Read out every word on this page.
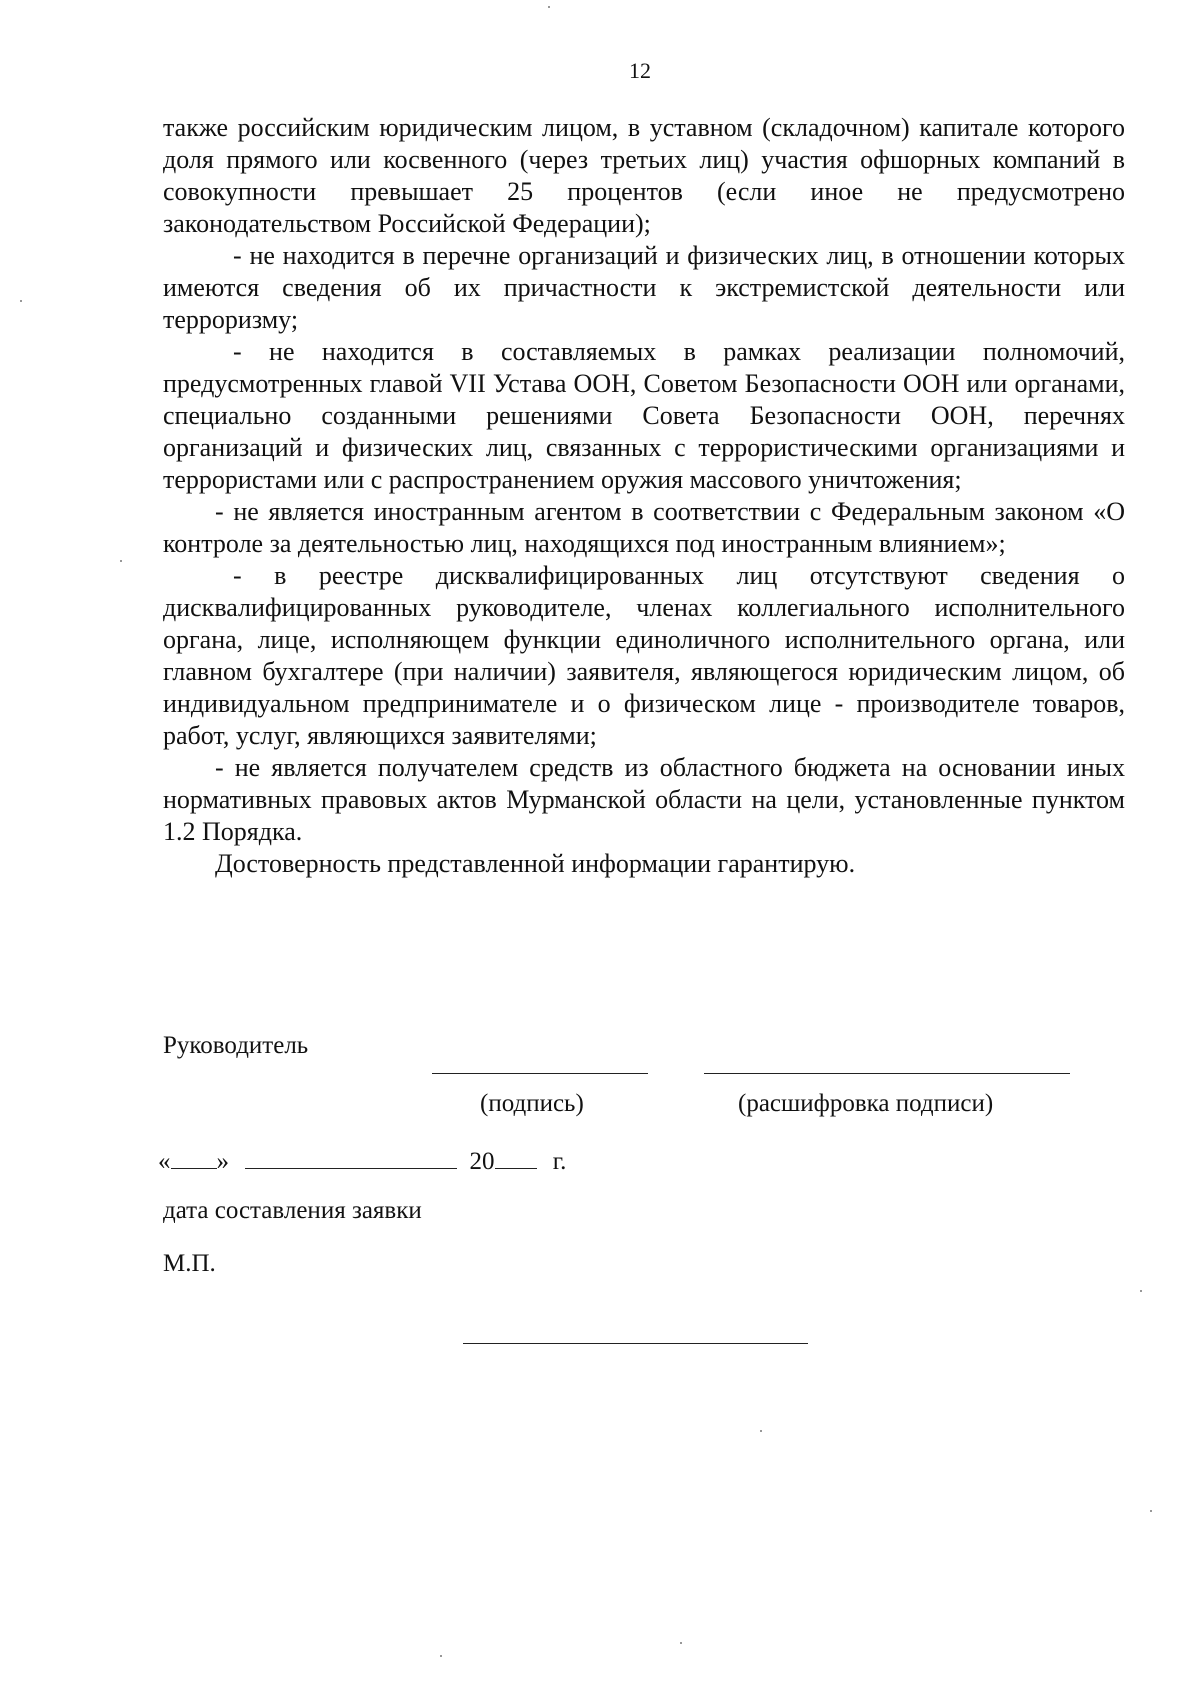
12

также российским юридическим лицом, в уставном (складочном) капитале которого доля прямого или косвенного (через третьих лиц) участия офшорных компаний в совокупности превышает 25 процентов (если иное не предусмотрено законодательством Российской Федерации);

- не находится в перечне организаций и физических лиц, в отношении которых имеются сведения об их причастности к экстремистской деятельности или терроризму;

- не находится в составляемых в рамках реализации полномочий, предусмотренных главой VII Устава ООН, Советом Безопасности ООН или органами, специально созданными решениями Совета Безопасности ООН, перечнях организаций и физических лиц, связанных с террористическими организациями и террористами или с распространением оружия массового уничтожения;

- не является иностранным агентом в соответствии с Федеральным законом «О контроле за деятельностью лиц, находящихся под иностранным влиянием»;

- в реестре дисквалифицированных лиц отсутствуют сведения о дисквалифицированных руководителе, членах коллегиального исполнительного органа, лице, исполняющем функции единоличного исполнительного органа, или главном бухгалтере (при наличии) заявителя, являющегося юридическим лицом, об индивидуальном предпринимателе и о физическом лице - производителе товаров, работ, услуг, являющихся заявителями;

- не является получателем средств из областного бюджета на основании иных нормативных правовых актов Мурманской области на цели, установленные пунктом 1.2 Порядка.

Достоверность представленной информации гарантирую.

Руководитель
(подпись)	(расшифровка подписи)
« »	20 г.
дата составления заявки
М.П.
